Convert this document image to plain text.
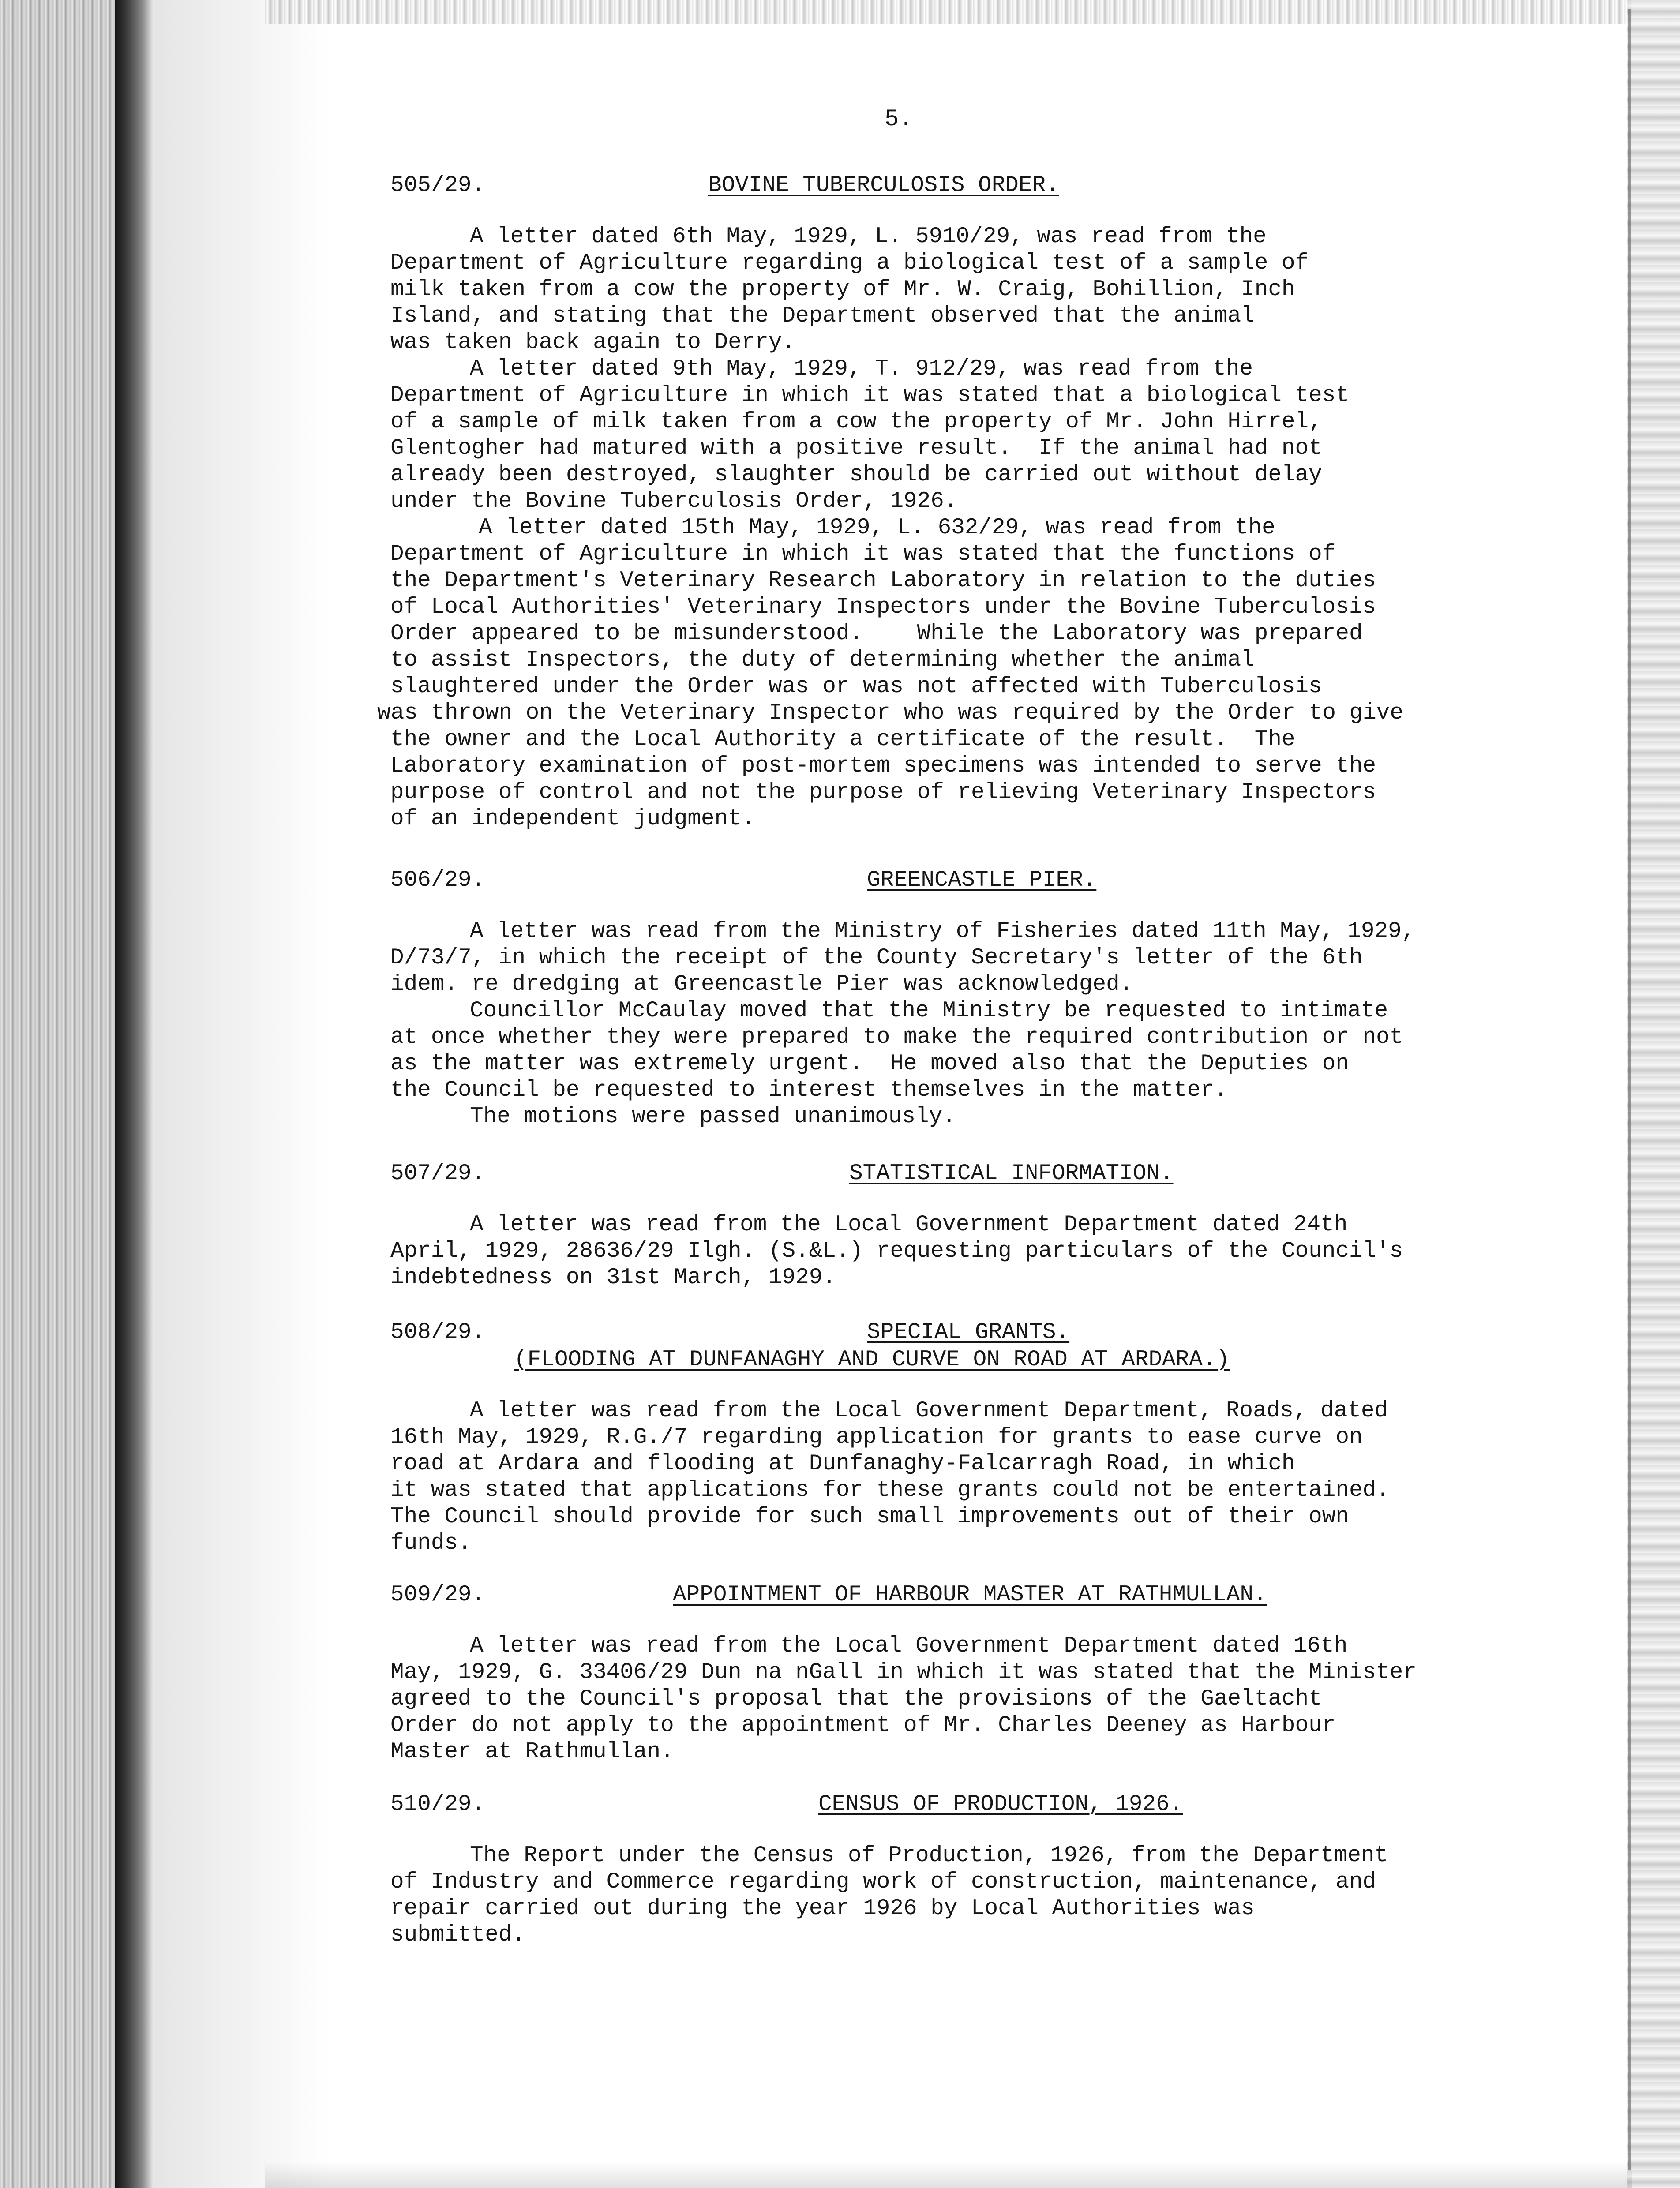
5.
505/29.	BOVINE TUBERCULOSIS ORDER.
A letter dated 6th May, 1929, L. 5910/29, was read from the
Department of Agriculture regarding a biological test of a sample of
milk taken from a cow the property of Mr. W. Craig, Bohillion, Inch
Island, and stating that the Department observed that the animal
was taken back again to Derry.
A letter dated 9th May, 1929, T. 912/29, was read from the
Department of Agriculture in which it was stated that a biological test
of a sample of milk taken from a cow the property of Mr. John Hirrel,
Glentogher had matured with a positive result.  If the animal had not
already been destroyed, slaughter should be carried out without delay
under the Bovine Tuberculosis Order, 1926.
A letter dated 15th May, 1929, L. 632/29, was read from the
Department of Agriculture in which it was stated that the functions of
the Department's Veterinary Research Laboratory in relation to the duties
of Local Authorities' Veterinary Inspectors under the Bovine Tuberculosis
Order appeared to be misunderstood.    While the Laboratory was prepared
to assist Inspectors, the duty of determining whether the animal
slaughtered under the Order was or was not affected with Tuberculosis
was thrown on the Veterinary Inspector who was required by the Order to give
the owner and the Local Authority a certificate of the result.  The
Laboratory examination of post-mortem specimens was intended to serve the
purpose of control and not the purpose of relieving Veterinary Inspectors
of an independent judgment.
506/29.	GREENCASTLE PIER.
A letter was read from the Ministry of Fisheries dated 11th May, 1929,
D/73/7, in which the receipt of the County Secretary's letter of the 6th
idem. re dredging at Greencastle Pier was acknowledged.
Councillor McCaulay moved that the Ministry be requested to intimate
at once whether they were prepared to make the required contribution or not
as the matter was extremely urgent.  He moved also that the Deputies on
the Council be requested to interest themselves in the matter.
The motions were passed unanimously.
507/29.	STATISTICAL INFORMATION.
A letter was read from the Local Government Department dated 24th
April, 1929, 28636/29 Ilgh. (S.&L.) requesting particulars of the Council's
indebtedness on 31st March, 1929.
508/29.	SPECIAL GRANTS.
(FLOODING AT DUNFANAGHY AND CURVE ON ROAD AT ARDARA.)
A letter was read from the Local Government Department, Roads, dated
16th May, 1929, R.G./7 regarding application for grants to ease curve on
road at Ardara and flooding at Dunfanaghy-Falcarragh Road, in which
it was stated that applications for these grants could not be entertained.
The Council should provide for such small improvements out of their own
funds.
509/29.	APPOINTMENT OF HARBOUR MASTER AT RATHMULLAN.
A letter was read from the Local Government Department dated 16th
May, 1929, G. 33406/29 Dun na nGall in which it was stated that the Minister
agreed to the Council's proposal that the provisions of the Gaeltacht
Order do not apply to the appointment of Mr. Charles Deeney as Harbour
Master at Rathmullan.
510/29.	CENSUS OF PRODUCTION, 1926.
The Report under the Census of Production, 1926, from the Department
of Industry and Commerce regarding work of construction, maintenance, and
repair carried out during the year 1926 by Local Authorities was
submitted.
